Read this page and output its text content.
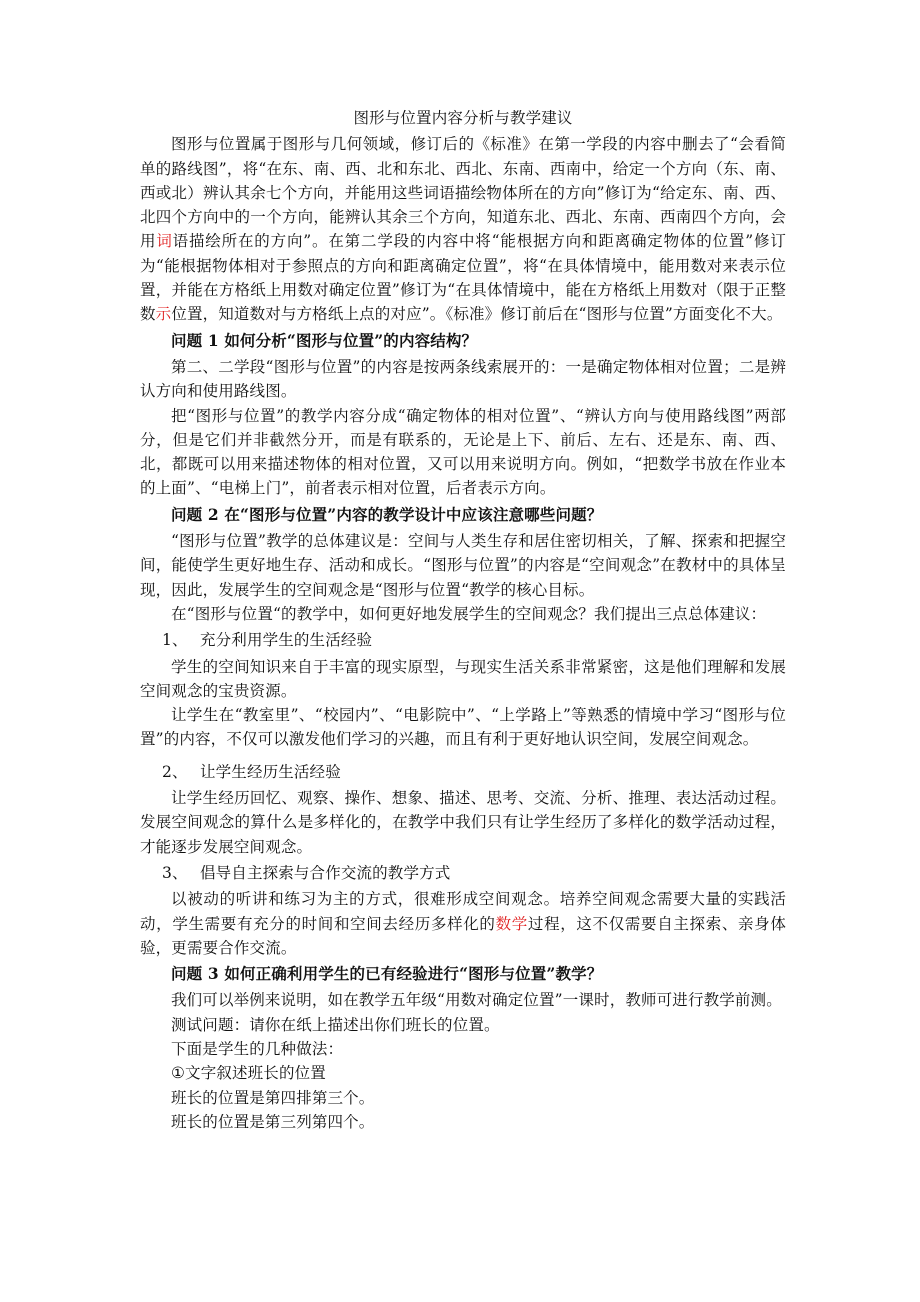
图形与位置内容分析与教学建议

图形与位置属于图形与几何领域，修订后的《标准》在第一学段的内容中删去了“会看简单的路线图”，将“在东、南、西、北和东北、西北、东南、西南中，给定一个方向（东、南、西或北）辨认其余七个方向，并能用这些词语描绘物体所在的方向”修订为“给定东、南、西、北四个方向中的一个方向，能辨认其余三个方向，知道东北、西北、东南、西南四个方向，会用词语描绘所在的方向”。在第二学段的内容中将“能根据方向和距离确定物体的位置”修订为“能根据物体相对于参照点的方向和距离确定位置”，将“在具体情境中，能用数对来表示位置，并能在方格纸上用数对确定位置”修订为“在具体情境中，能在方格纸上用数对（限于正整数示位置，知道数对与方格纸上点的对应”。《标准》修订前后在“图形与位置”方面变化不大。

问题 1 如何分析“图形与位置”的内容结构？

第二、二学段“图形与位置”的内容是按两条线索展开的：一是确定物体相对位置；二是辨认方向和使用路线图。

把“图形与位置”的教学内容分成“确定物体的相对位置”、“辨认方向与使用路线图”两部分，但是它们并非截然分开，而是有联系的，无论是上下、前后、左右、还是东、南、西、北，都既可以用来描述物体的相对位置，又可以用来说明方向。例如，“把数学书放在作业本的上面”、“电梯上门”，前者表示相对位置，后者表示方向。

问题 2 在“图形与位置”内容的教学设计中应该注意哪些问题？

“图形与位置”教学的总体建议是：空间与人类生存和居住密切相关，了解、探索和把握空间，能使学生更好地生存、活动和成长。“图形与位置”的内容是“空间观念”在教材中的具体呈现，因此，发展学生的空间观念是“图形与位置“教学的核心目标。

在“图形与位置“的教学中，如何更好地发展学生的空间观念？我们提出三点总体建议：

1、 充分利用学生的生活经验

学生的空间知识来自于丰富的现实原型，与现实生活关系非常紧密，这是他们理解和发展空间观念的宝贵资源。

让学生在“教室里”、“校园内”、“电影院中”、“上学路上”等熟悉的情境中学习“图形与位置”的内容，不仅可以激发他们学习的兴趣，而且有利于更好地认识空间，发展空间观念。

2、 让学生经历生活经验

让学生经历回忆、观察、操作、想象、描述、思考、交流、分析、推理、表达活动过程。发展空间观念的算什么是多样化的，在教学中我们只有让学生经历了多样化的数学活动过程，才能逐步发展空间观念。

3、 倡导自主探索与合作交流的教学方式

以被动的听讲和练习为主的方式，很难形成空间观念。培养空间观念需要大量的实践活动，学生需要有充分的时间和空间去经历多样化的数学过程，这不仅需要自主探索、亲身体验，更需要合作交流。

问题 3 如何正确利用学生的已有经验进行“图形与位置”教学？

我们可以举例来说明，如在教学五年级“用数对确定位置”一课时，教师可进行教学前测。

测试问题：请你在纸上描述出你们班长的位置。

下面是学生的几种做法：

①文字叙述班长的位置

班长的位置是第四排第三个。

班长的位置是第三列第四个。
